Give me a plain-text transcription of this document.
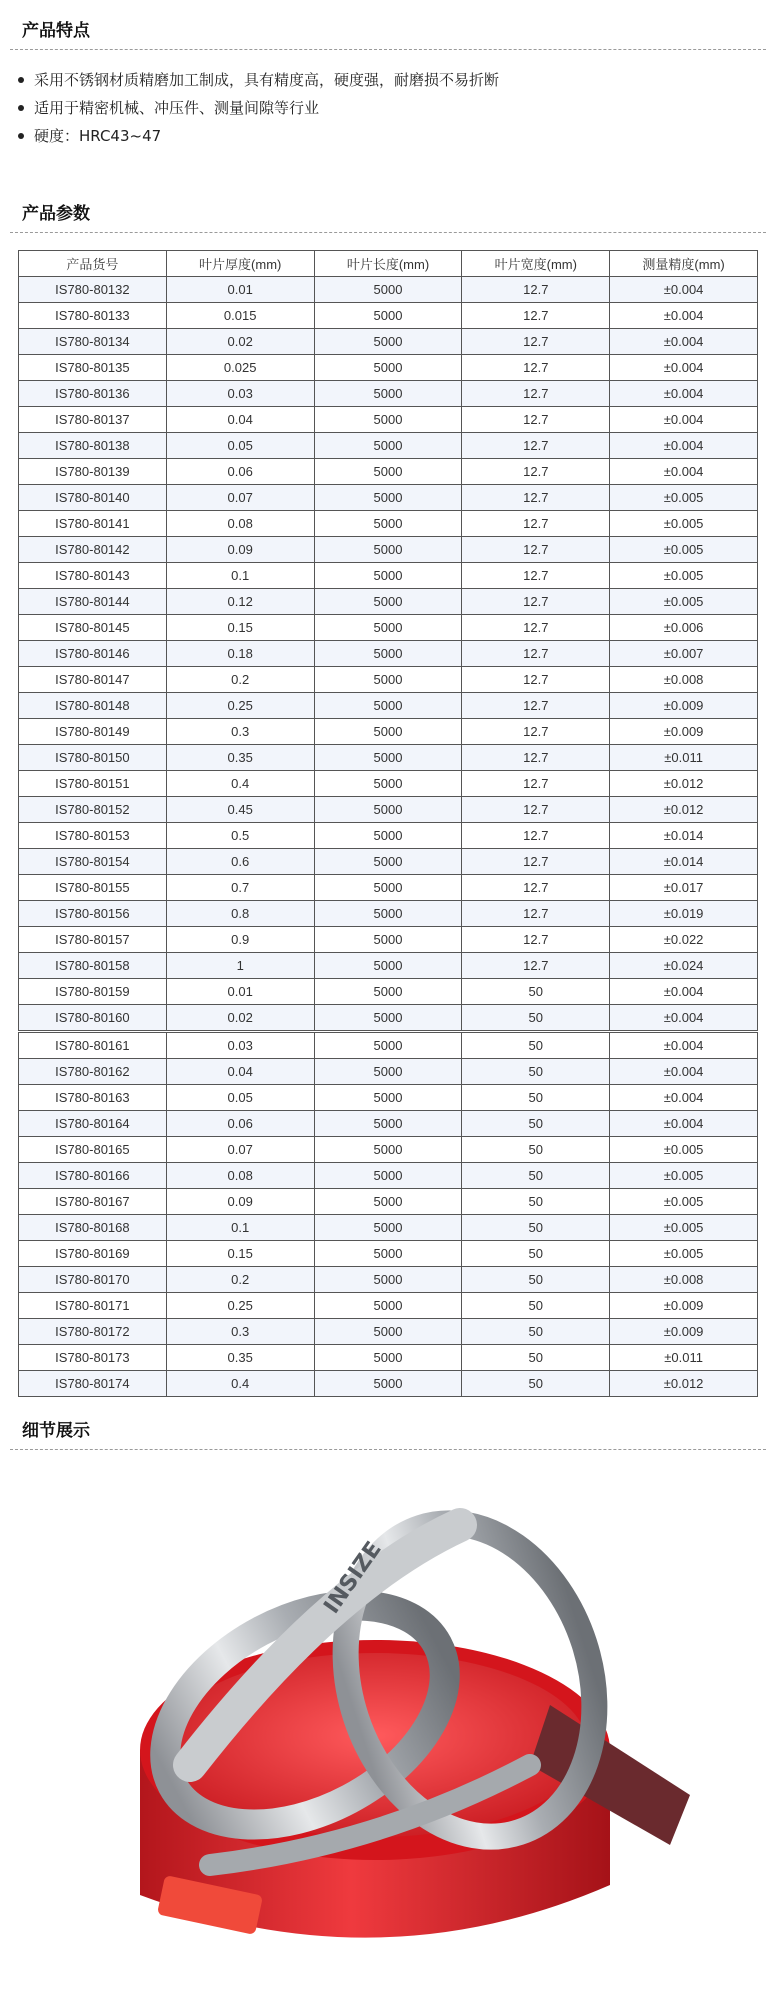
产品特点
采用不锈钢材质精磨加工制成，具有精度高，硬度强，耐磨损不易折断
适用于精密机械、冲压件、测量间隙等行业
硬度：HRC43~47
产品参数
产品货号	叶片厚度(mm)	叶片长度(mm)	叶片宽度(mm)	测量精度(mm)
IS780-80132	0.01	5000	12.7	±0.004
IS780-80133	0.015	5000	12.7	±0.004
IS780-80134	0.02	5000	12.7	±0.004
IS780-80135	0.025	5000	12.7	±0.004
IS780-80136	0.03	5000	12.7	±0.004
IS780-80137	0.04	5000	12.7	±0.004
IS780-80138	0.05	5000	12.7	±0.004
IS780-80139	0.06	5000	12.7	±0.004
IS780-80140	0.07	5000	12.7	±0.005
IS780-80141	0.08	5000	12.7	±0.005
IS780-80142	0.09	5000	12.7	±0.005
IS780-80143	0.1	5000	12.7	±0.005
IS780-80144	0.12	5000	12.7	±0.005
IS780-80145	0.15	5000	12.7	±0.006
IS780-80146	0.18	5000	12.7	±0.007
IS780-80147	0.2	5000	12.7	±0.008
IS780-80148	0.25	5000	12.7	±0.009
IS780-80149	0.3	5000	12.7	±0.009
IS780-80150	0.35	5000	12.7	±0.011
IS780-80151	0.4	5000	12.7	±0.012
IS780-80152	0.45	5000	12.7	±0.012
IS780-80153	0.5	5000	12.7	±0.014
IS780-80154	0.6	5000	12.7	±0.014
IS780-80155	0.7	5000	12.7	±0.017
IS780-80156	0.8	5000	12.7	±0.019
IS780-80157	0.9	5000	12.7	±0.022
IS780-80158	1	5000	12.7	±0.024
IS780-80159	0.01	5000	50	±0.004
IS780-80160	0.02	5000	50	±0.004
IS780-80161	0.03	5000	50	±0.004
IS780-80162	0.04	5000	50	±0.004
IS780-80163	0.05	5000	50	±0.004
IS780-80164	0.06	5000	50	±0.004
IS780-80165	0.07	5000	50	±0.005
IS780-80166	0.08	5000	50	±0.005
IS780-80167	0.09	5000	50	±0.005
IS780-80168	0.1	5000	50	±0.005
IS780-80169	0.15	5000	50	±0.005
IS780-80170	0.2	5000	50	±0.008
IS780-80171	0.25	5000	50	±0.009
IS780-80172	0.3	5000	50	±0.009
IS780-80173	0.35	5000	50	±0.011
IS780-80174	0.4	5000	50	±0.012
细节展示
INSIZE
